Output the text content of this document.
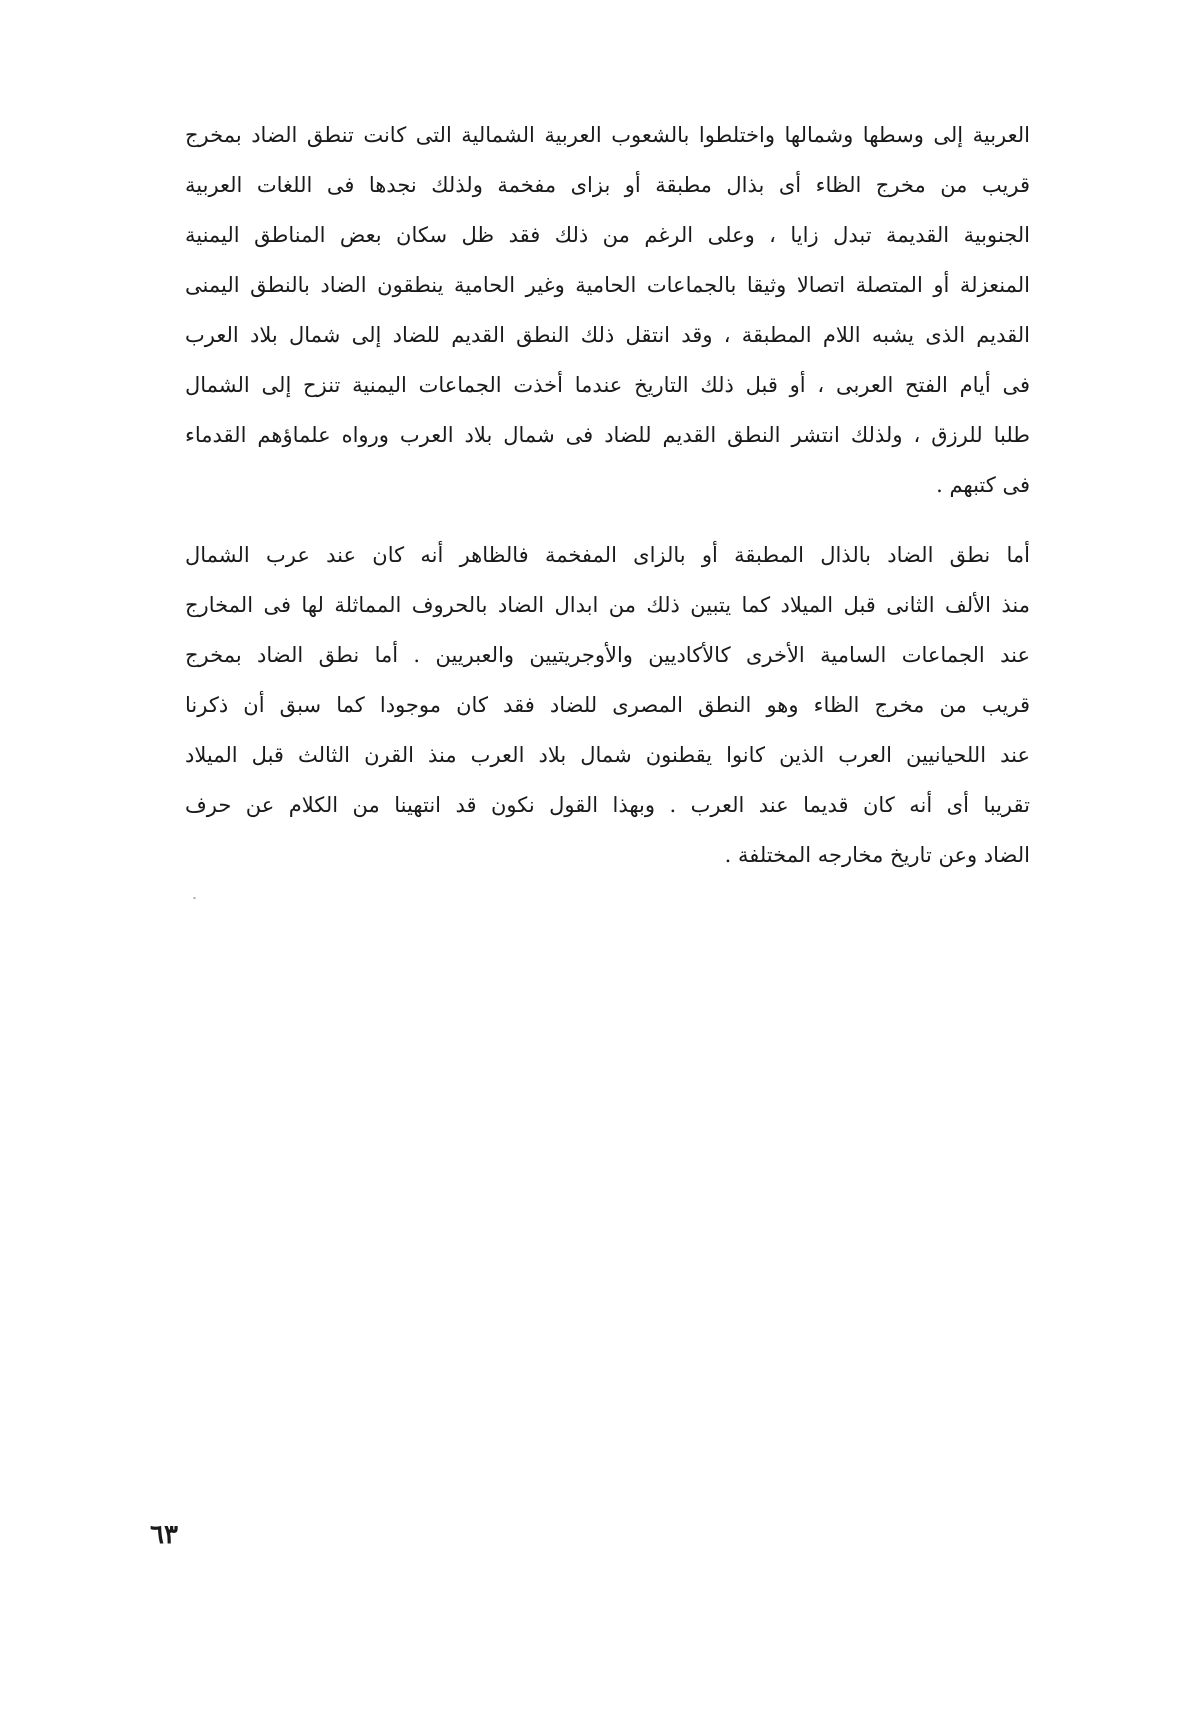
العربية إلى وسطها وشمالها واختلطوا بالشعوب العربية الشمالية التى كانت تنطق الضاد بمخرج
قريب من مخرج الظاء أى بذال مطبقة أو بزاى مفخمة ولذلك نجدها فى اللغات العربية
الجنوبية القديمة تبدل زايا ، وعلى الرغم من ذلك فقد ظل سكان بعض المناطق اليمنية
المنعزلة أو المتصلة اتصالا وثيقا بالجماعات الحامية وغير الحامية ينطقون الضاد بالنطق اليمنى
القديم الذى يشبه اللام المطبقة ، وقد انتقل ذلك النطق القديم للضاد إلى شمال بلاد العرب
فى أيام الفتح العربى ، أو قبل ذلك التاريخ عندما أخذت الجماعات اليمنية تنزح إلى الشمال
طلبا للرزق ، ولذلك انتشر النطق القديم للضاد فى شمال بلاد العرب ورواه علماؤهم القدماء
فى كتبهم .

أما نطق الضاد بالذال المطبقة أو بالزاى المفخمة فالظاهر أنه كان عند عرب الشمال
منذ الألف الثانى قبل الميلاد كما يتبين ذلك من ابدال الضاد بالحروف المماثلة لها فى المخارج
عند الجماعات السامية الأخرى كالأكاديين والأوجريتيين والعبريين . أما نطق الضاد بمخرج
قريب من مخرج الظاء وهو النطق المصرى للضاد فقد كان موجودا كما سبق أن ذكرنا
عند اللحيانيين العرب الذين كانوا يقطنون شمال بلاد العرب منذ القرن الثالث قبل الميلاد
تقريبا أى أنه كان قديما عند العرب . وبهذا القول نكون قد انتهينا من الكلام عن حرف
الضاد وعن تاريخ مخارجه المختلفة .

٦٣
